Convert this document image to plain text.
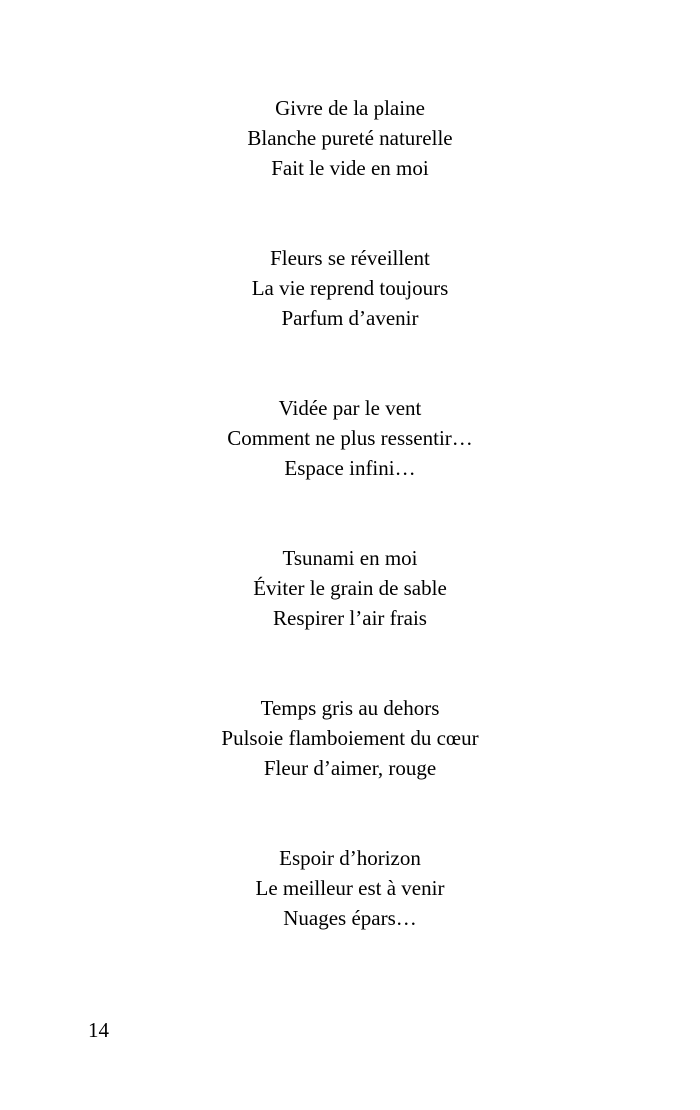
Givre de la plaine
Blanche pureté naturelle
Fait le vide en moi
Fleurs se réveillent
La vie reprend toujours
Parfum d’avenir
Vidée par le vent
Comment ne plus ressentir…
Espace infini…
Tsunami en moi
Éviter le grain de sable
Respirer l’air frais
Temps gris au dehors
Pulsoie flamboiement du cœur
Fleur d’aimer, rouge
Espoir d’horizon
Le meilleur est à venir
Nuages épars…
14
